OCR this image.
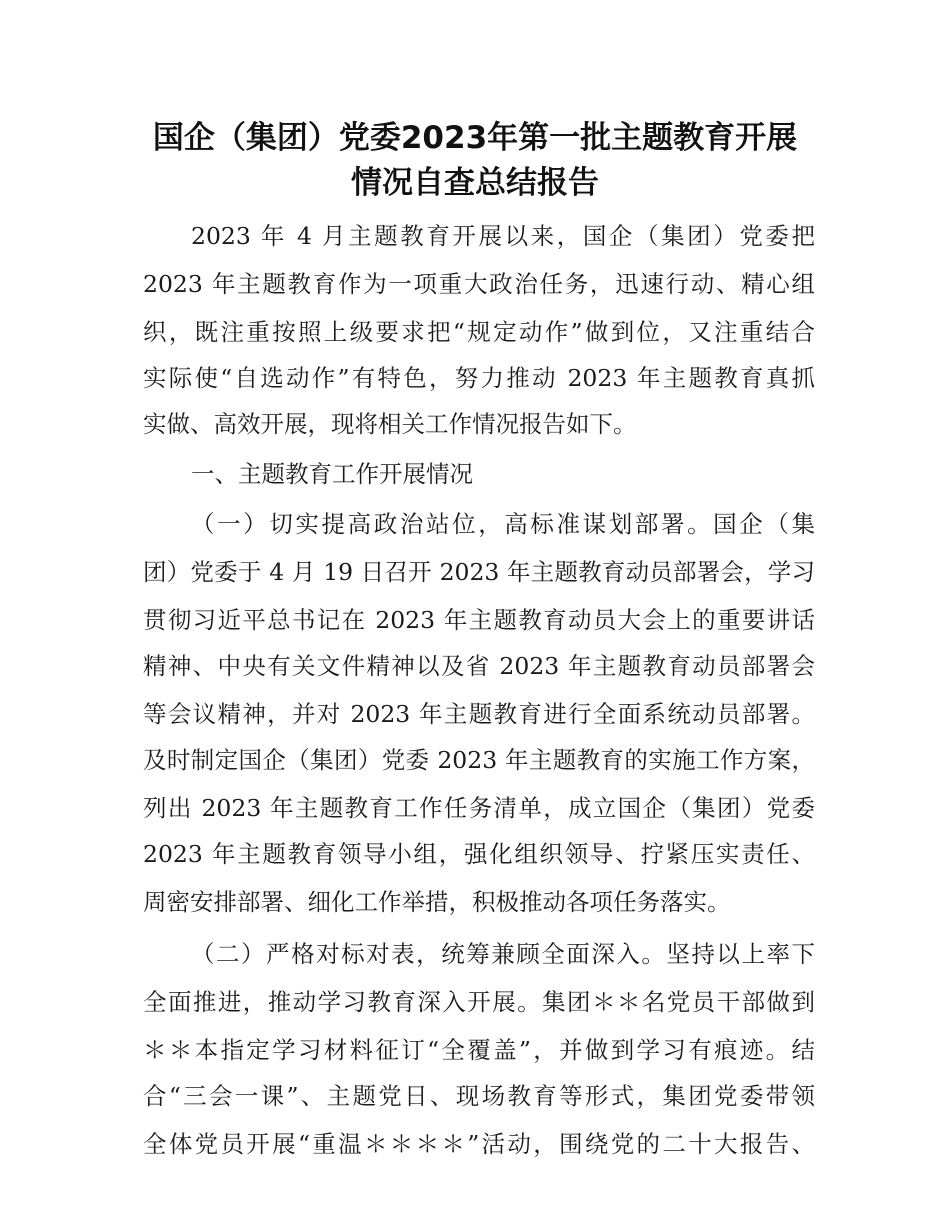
国企（集团）党委2023年第一批主题教育开展
情况自查总结报告
2023 年 4 月主题教育开展以来，国企（集团）党委把
2023 年主题教育作为一项重大政治任务，迅速行动、精心组
织，既注重按照上级要求把“规定动作”做到位，又注重结合
实际使“自选动作”有特色，努力推动 2023 年主题教育真抓
实做、高效开展，现将相关工作情况报告如下。
一、主题教育工作开展情况
（一）切实提高政治站位，高标准谋划部署。国企（集
团）党委于 4 月 19 日召开 2023 年主题教育动员部署会，学习
贯彻习近平总书记在 2023 年主题教育动员大会上的重要讲话
精神、中央有关文件精神以及省 2023 年主题教育动员部署会
等会议精神，并对 2023 年主题教育进行全面系统动员部署。
及时制定国企（集团）党委 2023 年主题教育的实施工作方案，
列出 2023 年主题教育工作任务清单，成立国企（集团）党委
2023 年主题教育领导小组，强化组织领导、拧紧压实责任、
周密安排部署、细化工作举措，积极推动各项任务落实。
（二）严格对标对表，统筹兼顾全面深入。坚持以上率下
全面推进，推动学习教育深入开展。集团＊＊名党员干部做到
＊＊本指定学习材料征订“全覆盖”，并做到学习有痕迹。结
合“三会一课”、主题党日、现场教育等形式，集团党委带领
全体党员开展“重温＊＊＊＊”活动，围绕党的二十大报告、
